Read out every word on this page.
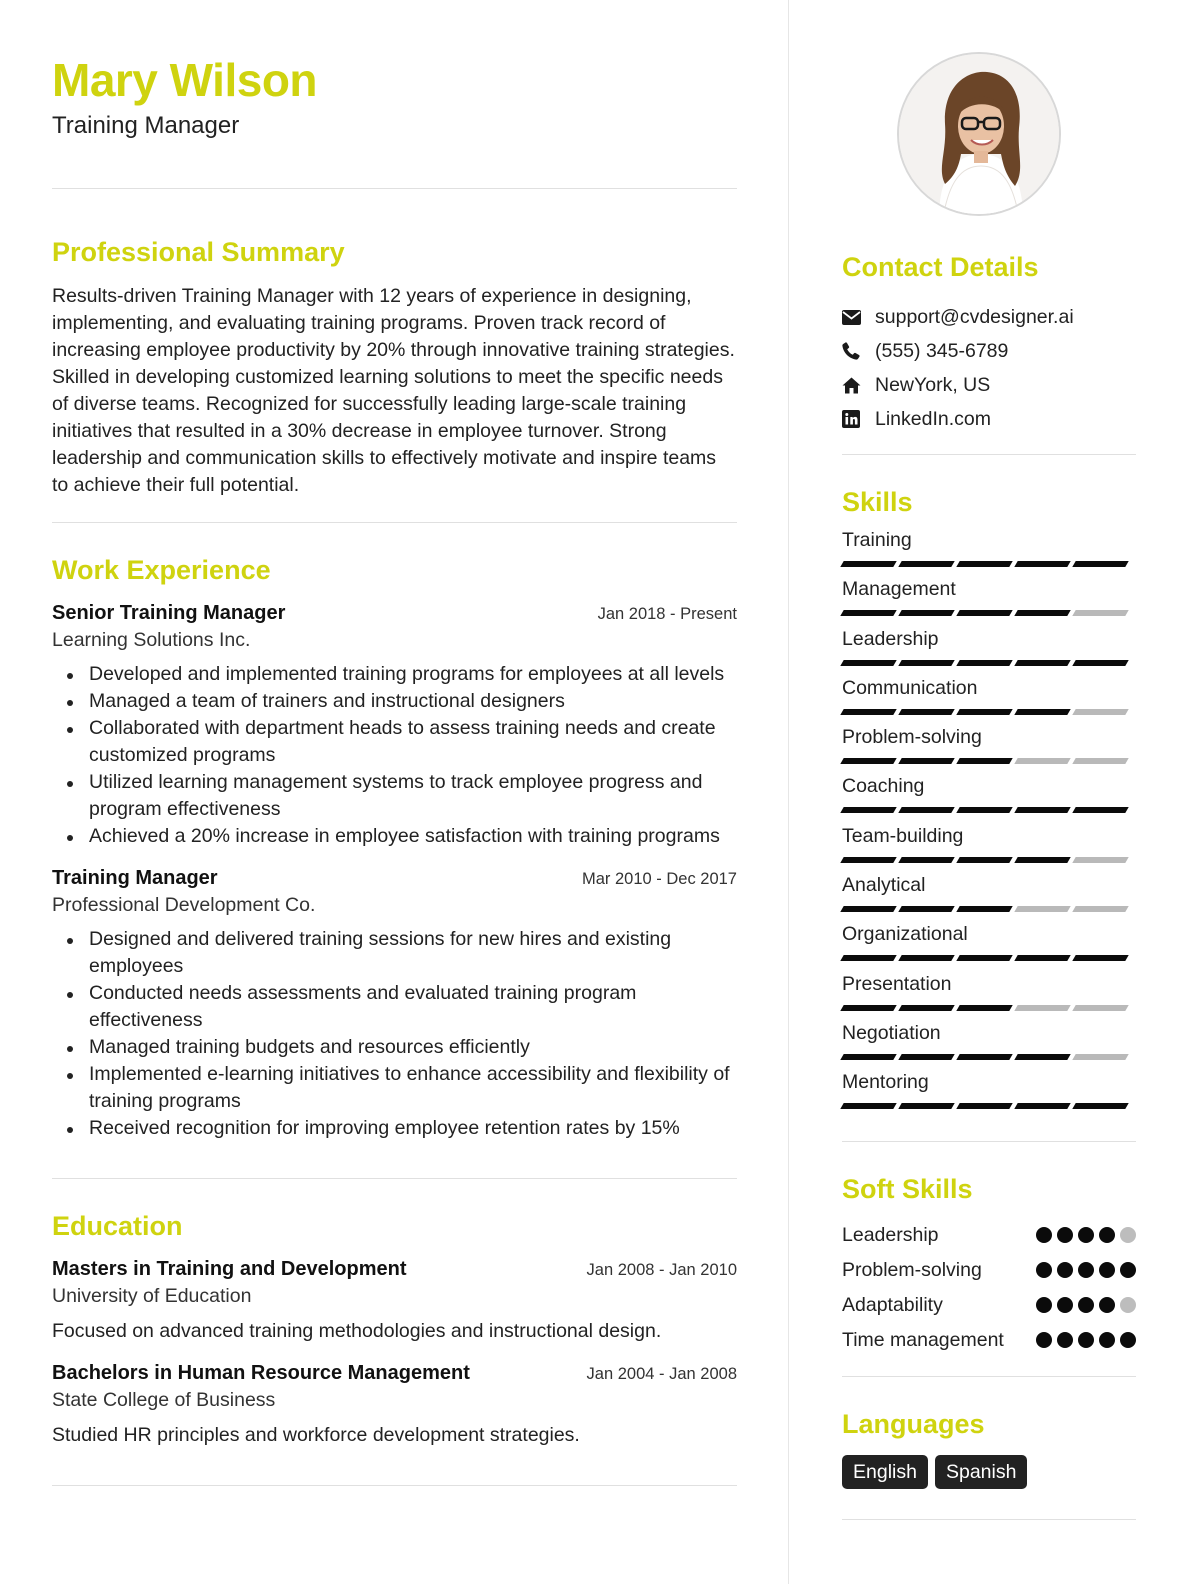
Mary Wilson
Training Manager
Professional Summary
Results-driven Training Manager with 12 years of experience in designing, implementing, and evaluating training programs. Proven track record of increasing employee productivity by 20% through innovative training strategies. Skilled in developing customized learning solutions to meet the specific needs of diverse teams. Recognized for successfully leading large-scale training initiatives that resulted in a 30% decrease in employee turnover. Strong leadership and communication skills to effectively motivate and inspire teams to achieve their full potential.
Work Experience
Senior Training Manager	Jan 2018 - Present
Learning Solutions Inc.
Developed and implemented training programs for employees at all levels
Managed a team of trainers and instructional designers
Collaborated with department heads to assess training needs and create customized programs
Utilized learning management systems to track employee progress and program effectiveness
Achieved a 20% increase in employee satisfaction with training programs
Training Manager	Mar 2010 - Dec 2017
Professional Development Co.
Designed and delivered training sessions for new hires and existing employees
Conducted needs assessments and evaluated training program effectiveness
Managed training budgets and resources efficiently
Implemented e-learning initiatives to enhance accessibility and flexibility of training programs
Received recognition for improving employee retention rates by 15%
Education
Masters in Training and Development	Jan 2008 - Jan 2010
University of Education
Focused on advanced training methodologies and instructional design.
Bachelors in Human Resource Management	Jan 2004 - Jan 2008
State College of Business
Studied HR principles and workforce development strategies.
Contact Details
support@cvdesigner.ai
(555) 345-6789
NewYork, US
LinkedIn.com
Skills
Training
Management
Leadership
Communication
Problem-solving
Coaching
Team-building
Analytical
Organizational
Presentation
Negotiation
Mentoring
Soft Skills
Leadership
Problem-solving
Adaptability
Time management
Languages
English	Spanish
